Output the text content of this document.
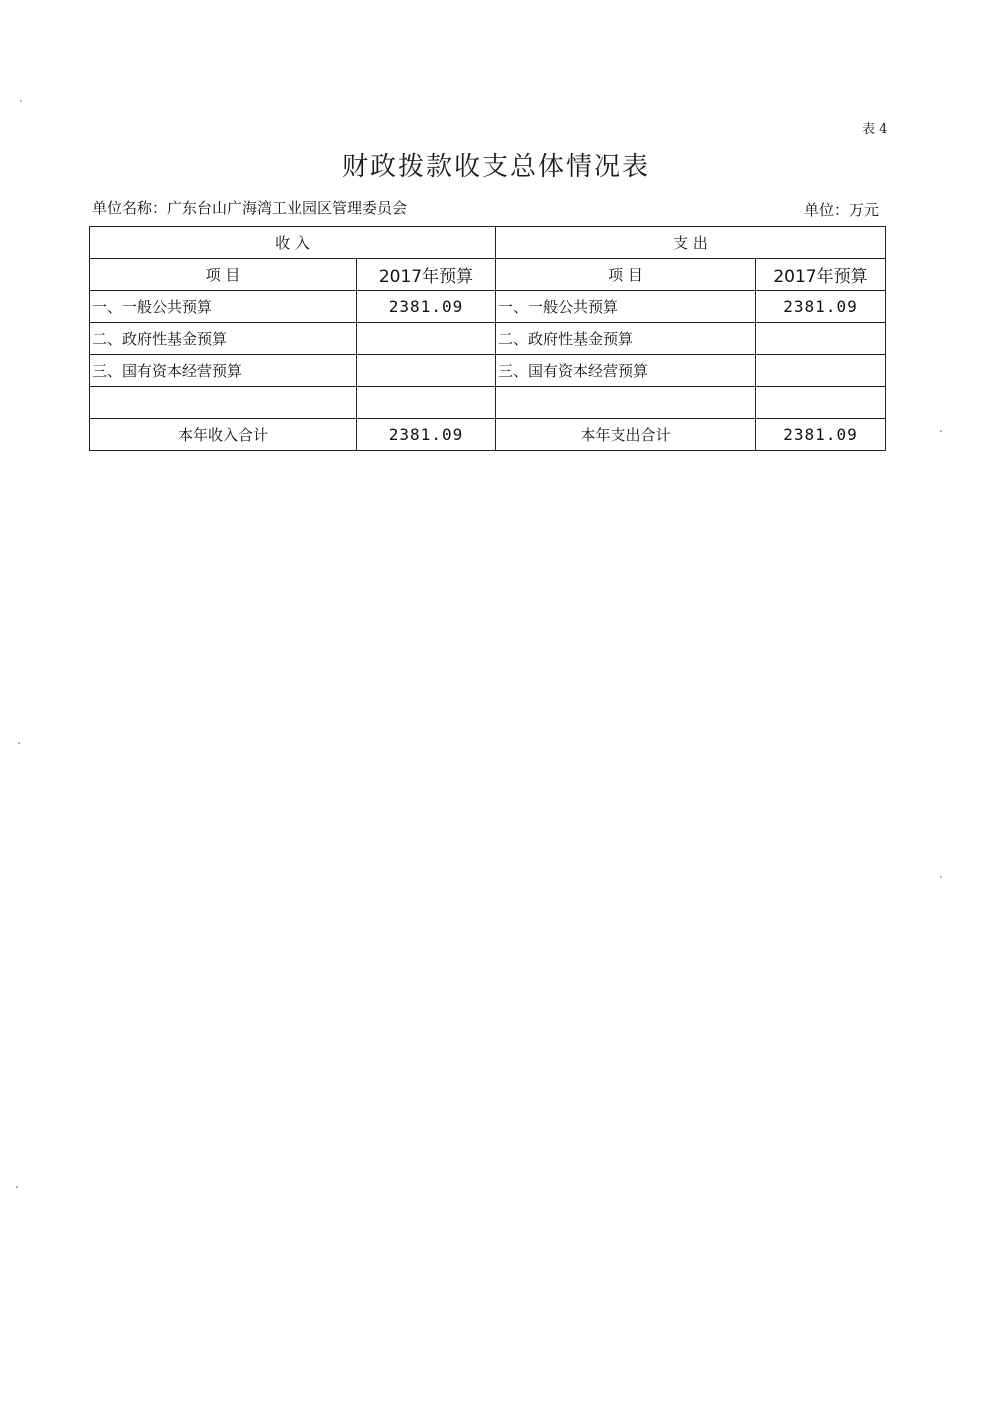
表 4
财政拨款收支总体情况表
单位名称：广东台山广海湾工业园区管理委员会	单位：万元
收 入		支 出	
项 目	2017年预算	项 目	2017年预算
一、一般公共预算	2381.09	一、一般公共预算	2381.09
二、政府性基金预算		二、政府性基金预算	
三、国有资本经营预算		三、国有资本经营预算	

本年收入合计	2381.09	本年支出合计	2381.09
